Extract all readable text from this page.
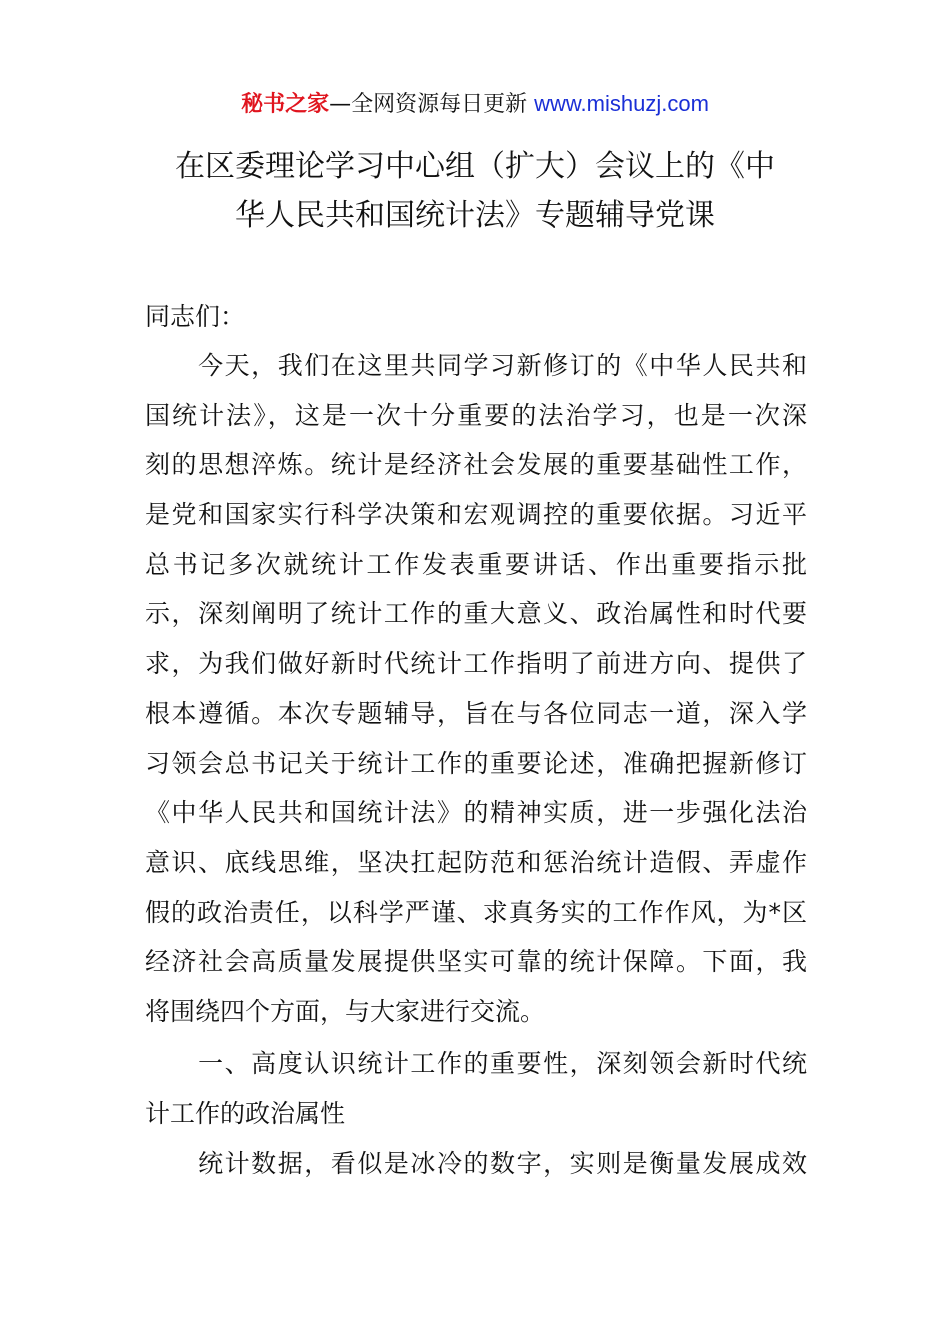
秘书之家—全网资源每日更新 www.mishuzj.com
在区委理论学习中心组（扩大）会议上的《中
华人民共和国统计法》专题辅导党课
同志们：
　　今天，我们在这里共同学习新修订的《中华人民共和
国统计法》，这是一次十分重要的法治学习，也是一次深
刻的思想淬炼。统计是经济社会发展的重要基础性工作，
是党和国家实行科学决策和宏观调控的重要依据。习近平
总书记多次就统计工作发表重要讲话、作出重要指示批
示，深刻阐明了统计工作的重大意义、政治属性和时代要
求，为我们做好新时代统计工作指明了前进方向、提供了
根本遵循。本次专题辅导，旨在与各位同志一道，深入学
习领会总书记关于统计工作的重要论述，准确把握新修订
《中华人民共和国统计法》的精神实质，进一步强化法治
意识、底线思维，坚决扛起防范和惩治统计造假、弄虚作
假的政治责任，以科学严谨、求真务实的工作作风，为*区
经济社会高质量发展提供坚实可靠的统计保障。下面，我
将围绕四个方面，与大家进行交流。
　　一、高度认识统计工作的重要性，深刻领会新时代统
计工作的政治属性
　　统计数据，看似是冰冷的数字，实则是衡量发展成效
